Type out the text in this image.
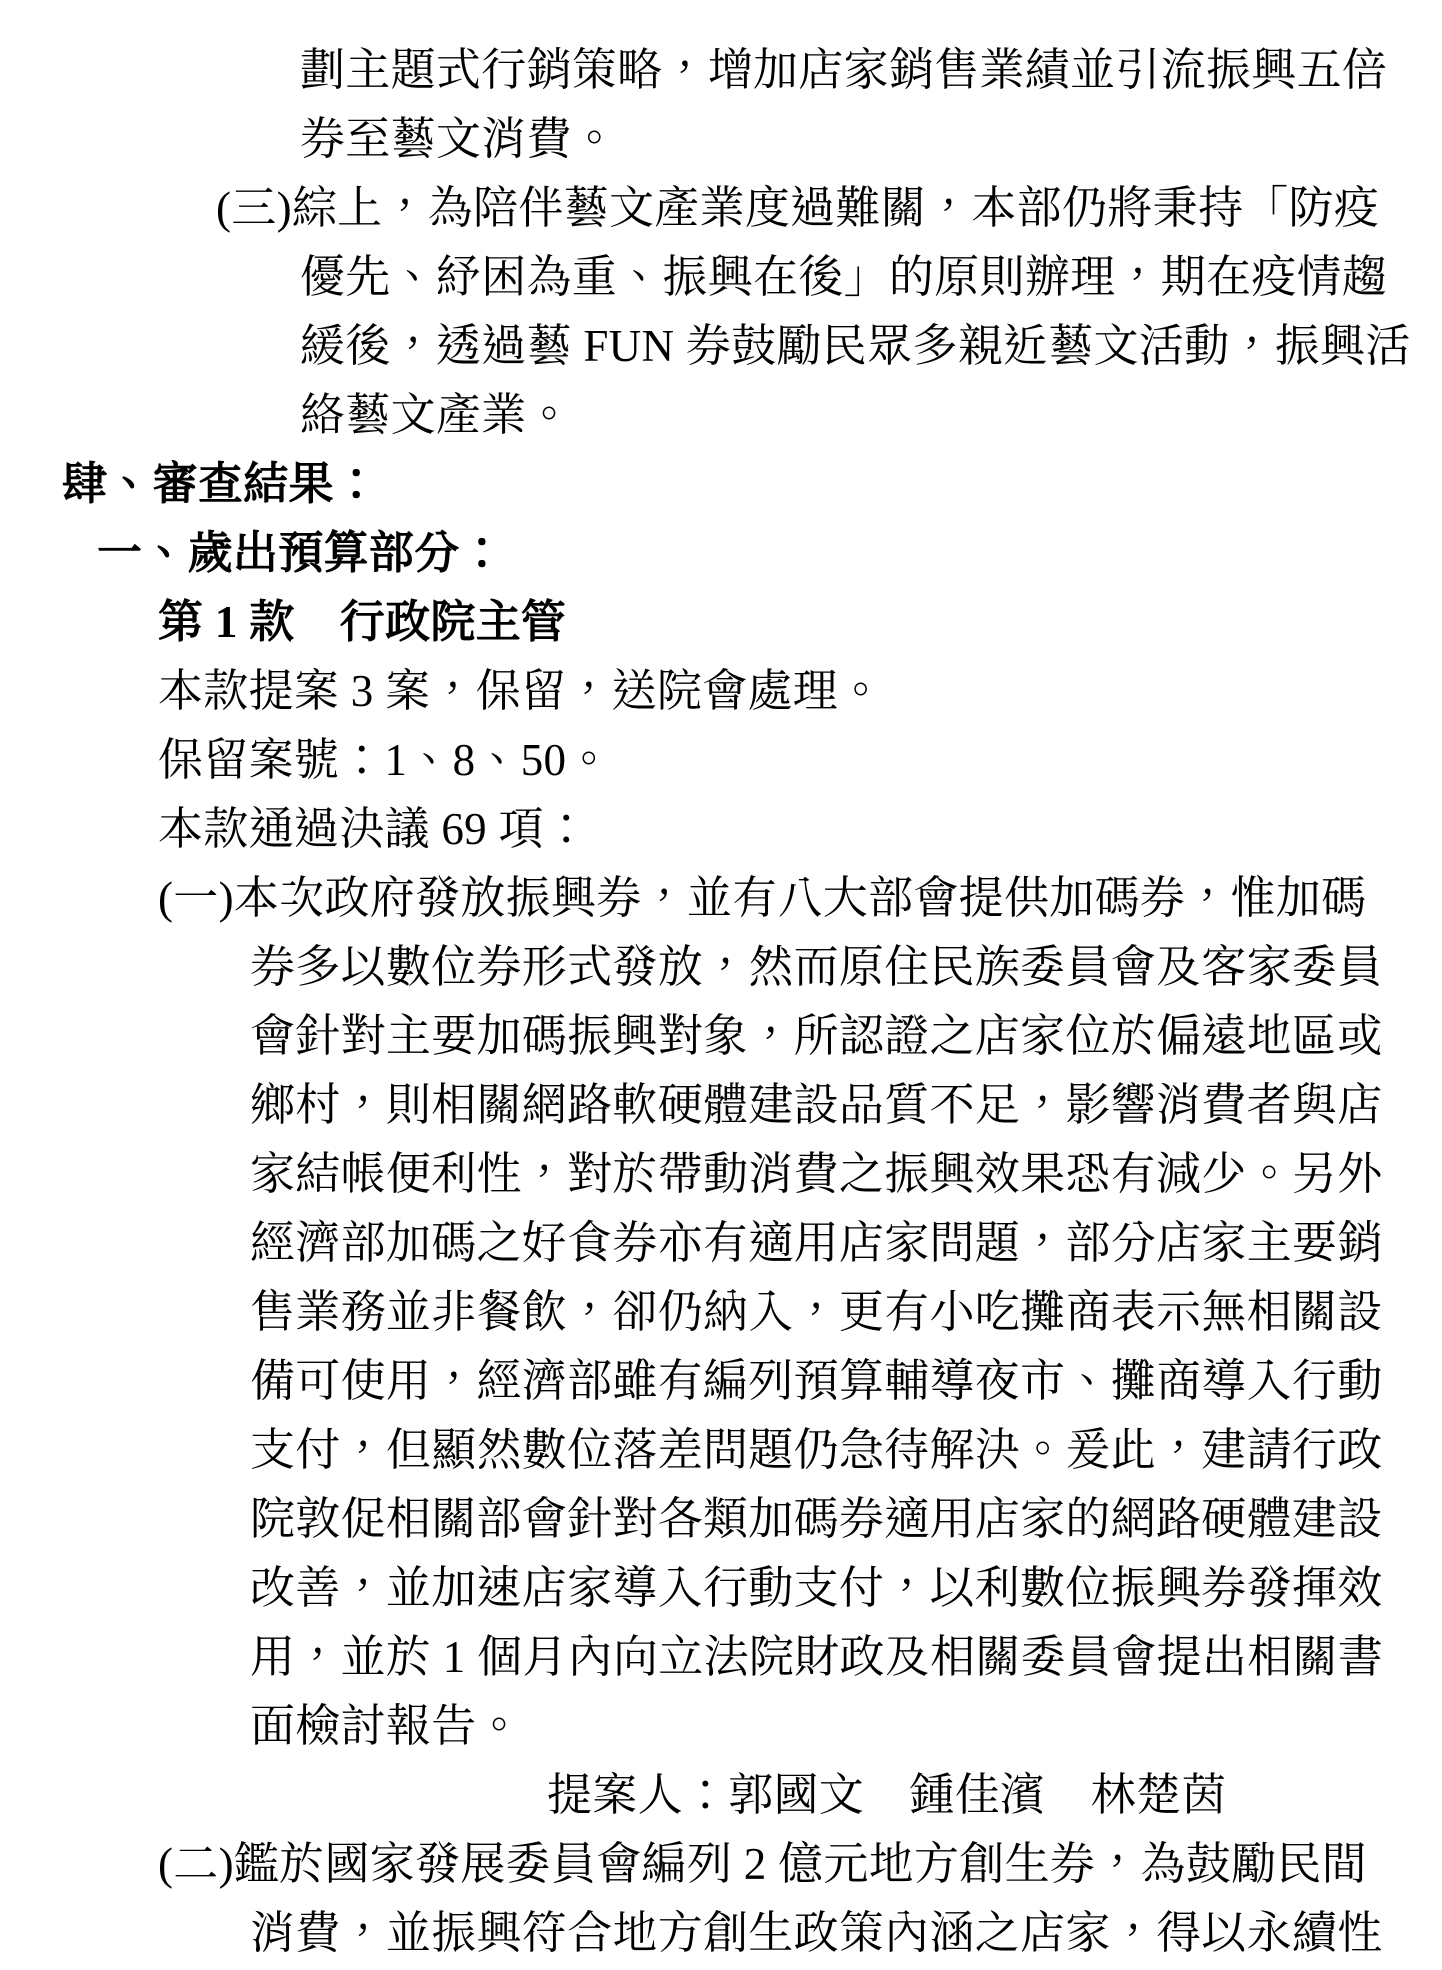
劃主題式行銷策略，增加店家銷售業績並引流振興五倍
券至藝文消費。
(三)綜上，為陪伴藝文產業度過難關，本部仍將秉持「防疫
優先、紓困為重、振興在後」的原則辦理，期在疫情趨
緩後，透過藝 FUN 券鼓勵民眾多親近藝文活動，振興活
絡藝文產業。
肆、審查結果：
一、歲出預算部分：
第 1 款　行政院主管
本款提案 3 案，保留，送院會處理。
保留案號：1、8、50。
本款通過決議 69 項：
(一)本次政府發放振興券，並有八大部會提供加碼券，惟加碼
券多以數位券形式發放，然而原住民族委員會及客家委員
會針對主要加碼振興對象，所認證之店家位於偏遠地區或
鄉村，則相關網路軟硬體建設品質不足，影響消費者與店
家結帳便利性，對於帶動消費之振興效果恐有減少。另外
經濟部加碼之好食券亦有適用店家問題，部分店家主要銷
售業務並非餐飲，卻仍納入，更有小吃攤商表示無相關設
備可使用，經濟部雖有編列預算輔導夜市、攤商導入行動
支付，但顯然數位落差問題仍急待解決。爰此，建請行政
院敦促相關部會針對各類加碼券適用店家的網路硬體建設
改善，並加速店家導入行動支付，以利數位振興券發揮效
用，並於 1 個月內向立法院財政及相關委員會提出相關書
面檢討報告。
提案人：郭國文　鍾佳濱　林楚茵
(二)鑑於國家發展委員會編列 2 億元地方創生券，為鼓勵民間
消費，並振興符合地方創生政策內涵之店家，得以永續性
